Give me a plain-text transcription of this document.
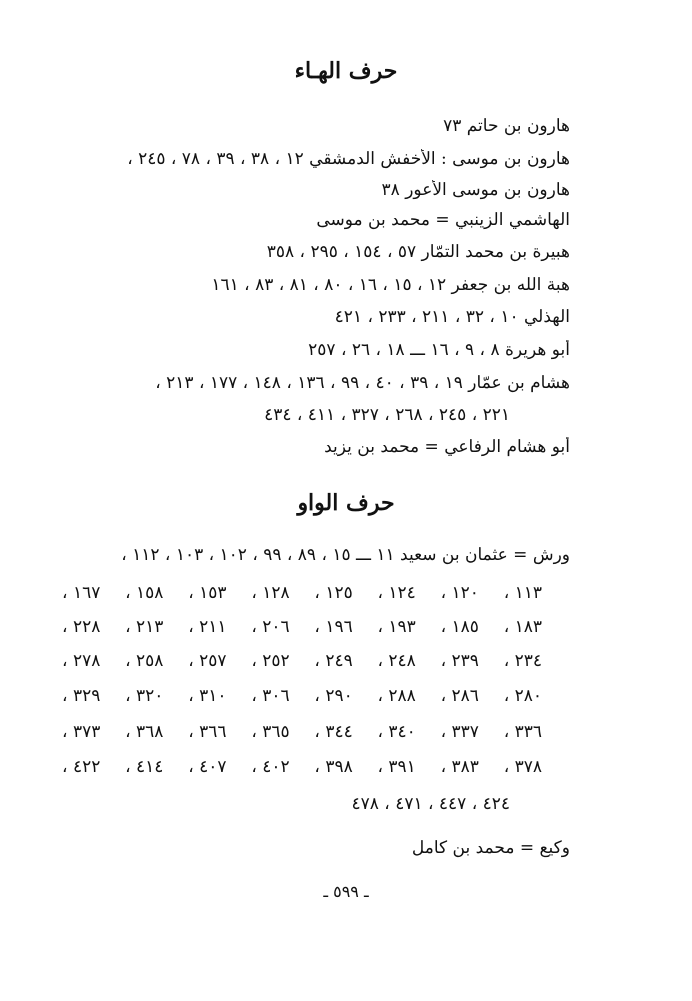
حرف الهـاء
هارون بن حاتم ٧٣
هارون بن موسى : الأخفش الدمشقي ١٢ ، ٣٨ ، ٣٩ ، ٧٨ ، ٢٤٥ ،
هارون بن موسى الأعور ٣٨
الهاشمي الزينبي = محمد بن موسى
هبيرة بن محمد التمّار ٥٧ ، ١٥٤ ، ٢٩٥ ، ٣٥٨
هبة الله بن جعفر ١٢ ، ١٥ ، ١٦ ، ٨٠ ، ٨١ ، ٨٣ ، ١٦١
الهذلي ١٠ ، ٣٢ ، ٢١١ ، ٢٣٣ ، ٤٢١
أبو هريرة ٨ ، ٩ ، ١٦ ـــ ١٨ ، ٢٦ ، ٢٥٧
هشام بن عمّار ١٩ ، ٣٩ ، ٤٠ ، ٩٩ ، ١٣٦ ، ١٤٨ ، ١٧٧ ، ٢١٣ ،
٢٢١ ، ٢٤٥ ، ٢٦٨ ، ٣٢٧ ، ٤١١ ، ٤٣٤
أبو هشام الرفاعي = محمد بن يزيد
حرف الواو
ورش = عثمان بن سعيد ١١ ـــ ١٥ ، ٨٩ ، ٩٩ ، ١٠٢ ، ١٠٣ ، ١١٢ ،
١١٣ ،
١٢٠ ،
١٢٤ ،
١٢٥ ،
١٢٨ ،
١٥٣ ،
١٥٨ ،
١٦٧ ،
١٨٣ ،
١٨٥ ،
١٩٣ ،
١٩٦ ،
٢٠٦ ،
٢١١ ،
٢١٣ ،
٢٢٨ ،
٢٣٤ ،
٢٣٩ ،
٢٤٨ ،
٢٤٩ ،
٢٥٢ ،
٢٥٧ ،
٢٥٨ ،
٢٧٨ ،
٢٨٠ ،
٢٨٦ ،
٢٨٨ ،
٢٩٠ ،
٣٠٦ ،
٣١٠ ،
٣٢٠ ،
٣٢٩ ،
٣٣٦ ،
٣٣٧ ،
٣٤٠ ،
٣٤٤ ،
٣٦٥ ،
٣٦٦ ،
٣٦٨ ،
٣٧٣ ،
٣٧٨ ،
٣٨٣ ،
٣٩١ ،
٣٩٨ ،
٤٠٢ ،
٤٠٧ ،
٤١٤ ،
٤٢٢ ،
٤٢٤ ، ٤٤٧ ، ٤٧١ ، ٤٧٨
وكيع = محمد بن كامل
ـ ٥٩٩ ـ
